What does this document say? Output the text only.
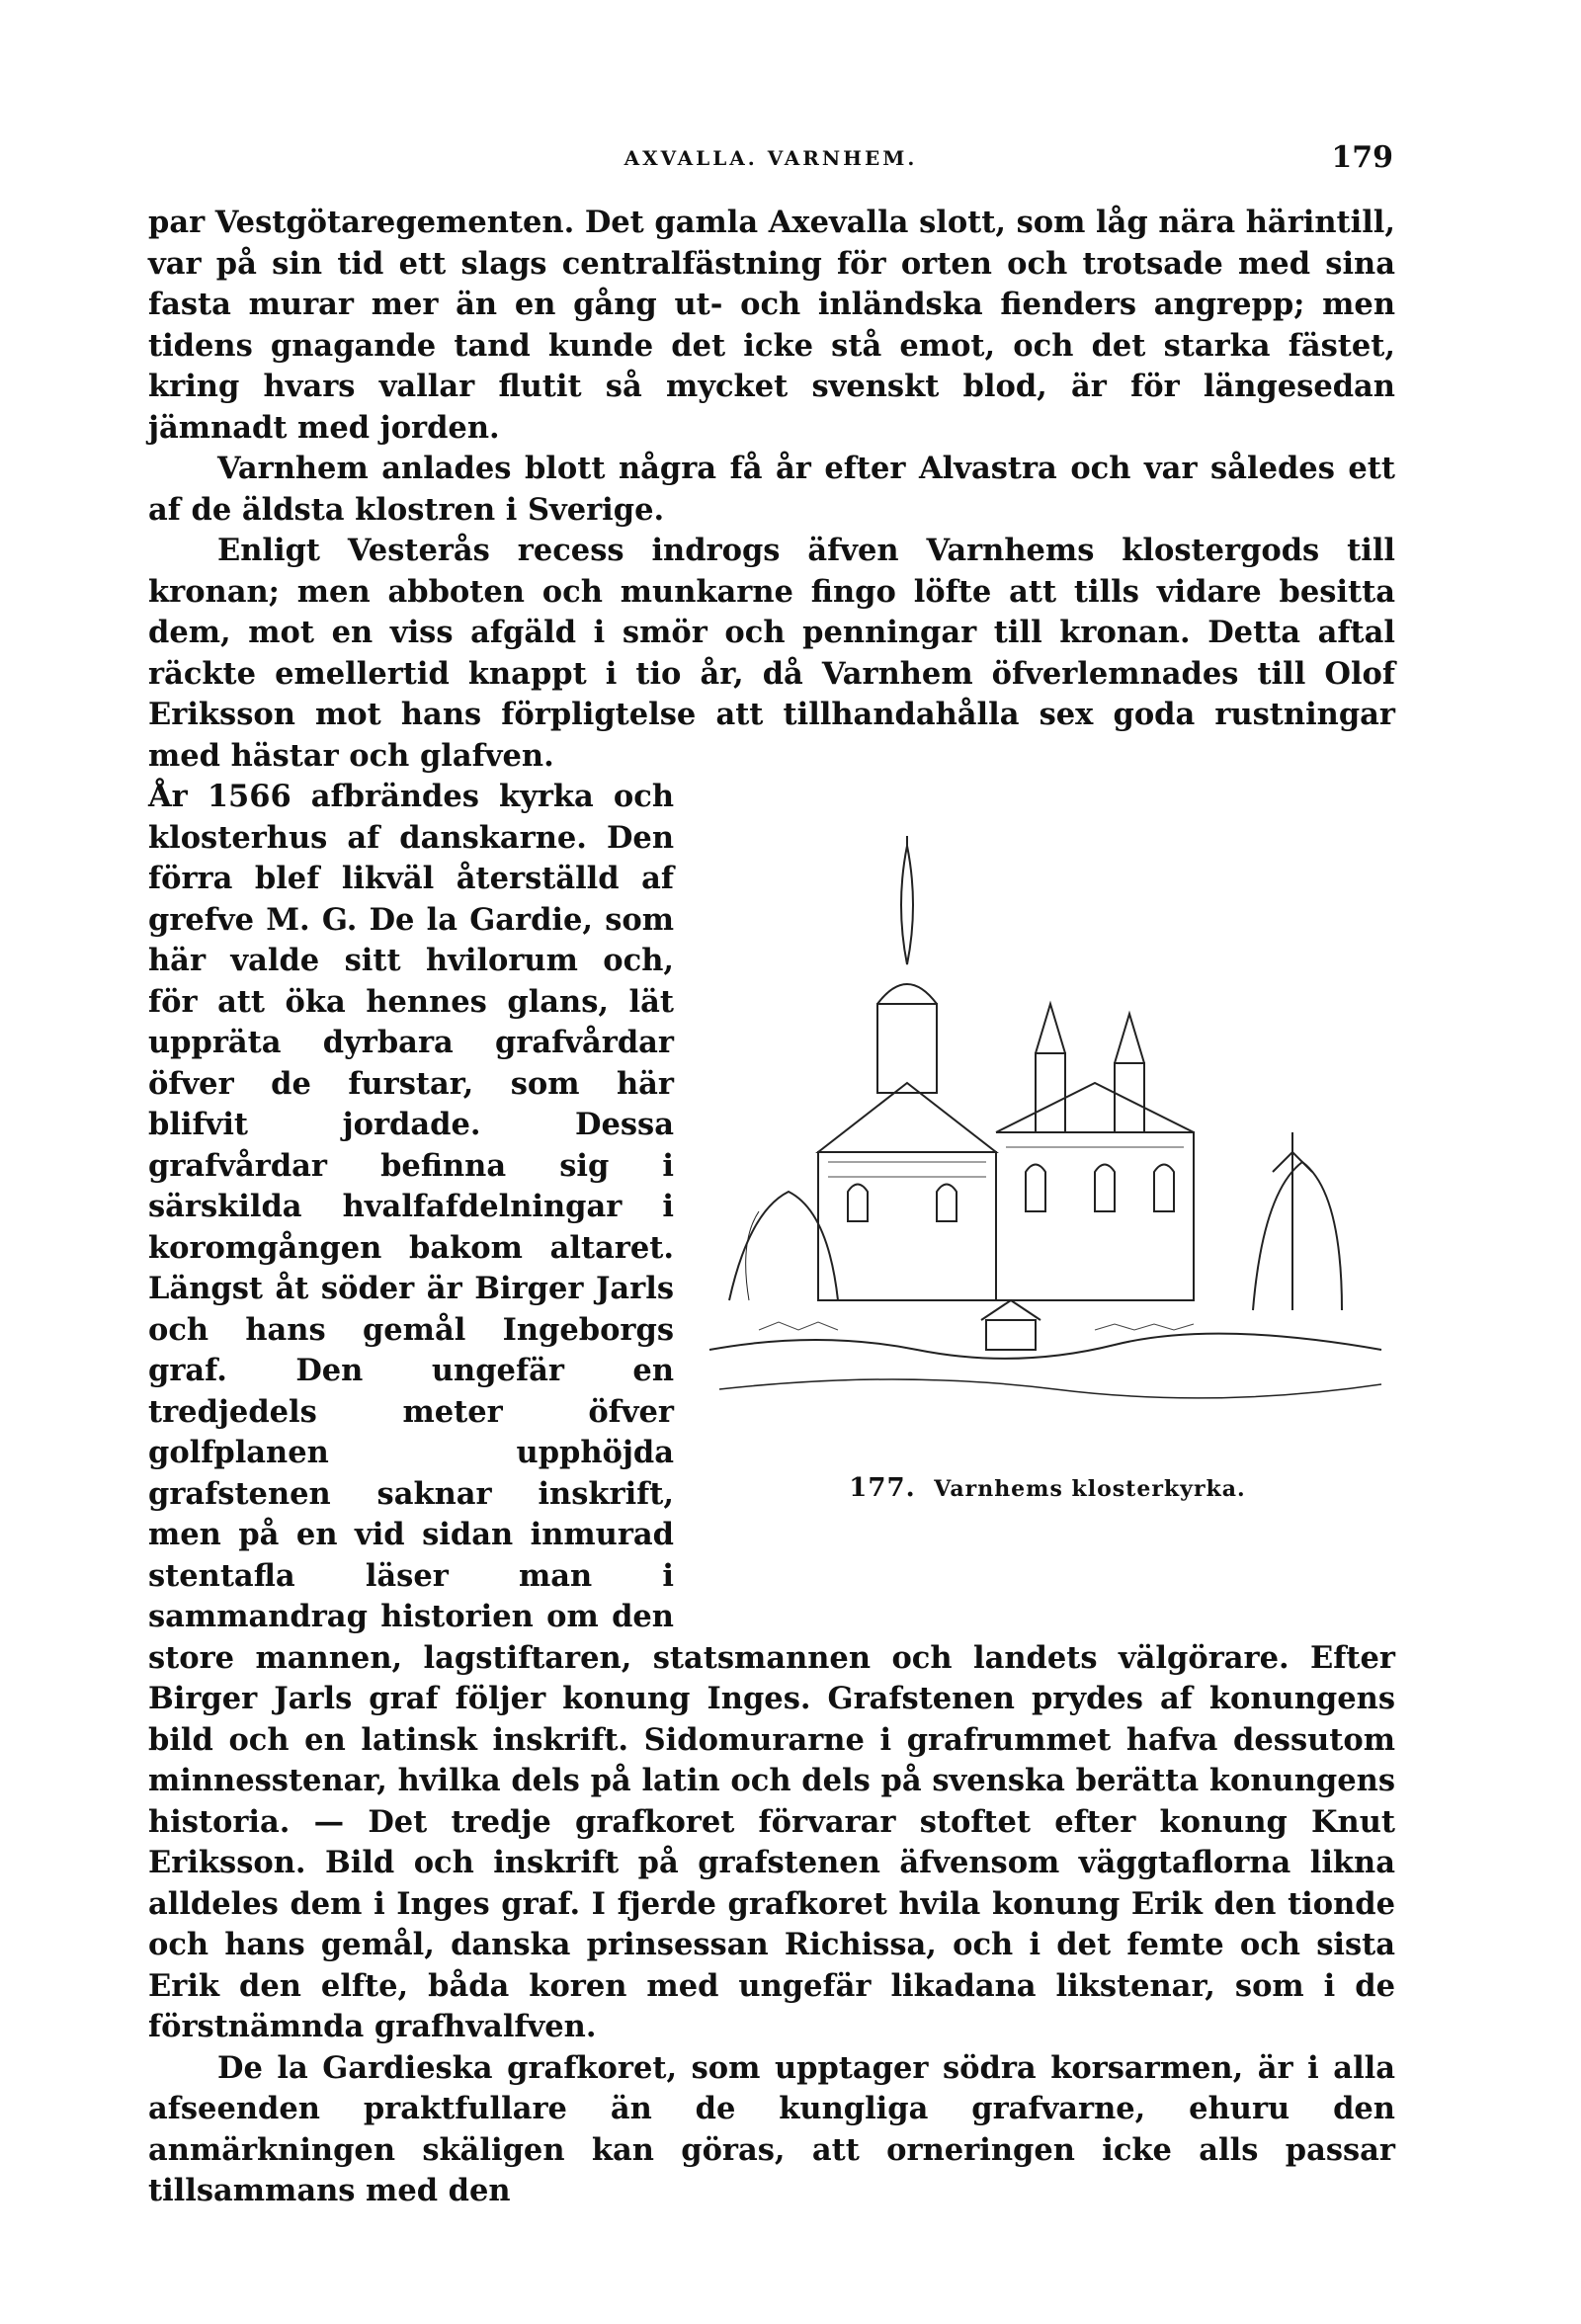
AXVALLA. VARNHEM.	179

par Vestgötaregementen. Det gamla Axevalla slott, som låg nära härintill, var på sin tid ett slags centralfästning för orten och trotsade med sina fasta murar mer än en gång ut- och inländska fienders angrepp; men tidens gnagande tand kunde det icke stå emot, och det starka fästet, kring hvars vallar flutit så mycket svenskt blod, är för längesedan jämnadt med jorden.

Varnhem anlades blott några få år efter Alvastra och var således ett af de äldsta klostren i Sverige.

Enligt Vesterås recess indrogs äfven Varnhems klostergods till kronan; men abboten och munkarne fingo löfte att tills vidare besitta dem, mot en viss afgäld i smör och penningar till kronan. Detta aftal räckte emellertid knappt i tio år, då Varnhem öfverlemnades till Olof Eriksson mot hans förpligtelse att tillhandahålla sex goda rustningar med hästar och glafven.

177. Varnhems klosterkyrka.

År 1566 afbrändes kyrka och klosterhus af danskarne. Den förra blef likväl återställd af grefve M. G. De la Gardie, som här valde sitt hvilorum och, för att öka hennes glans, lät uppräta dyrbara grafvårdar öfver de furstar, som här blifvit jordade. Dessa grafvårdar befinna sig i särskilda hvalfafdelningar i koromgången bakom altaret. Längst åt söder är Birger Jarls och hans gemål Ingeborgs graf. Den ungefär en tredjedels meter öfver golfplanen upphöjda grafstenen saknar inskrift, men på en vid sidan inmurad stentafla läser man i sammandrag historien om den store mannen, lagstiftaren, statsmannen och landets välgörare. Efter Birger Jarls graf följer konung Inges. Grafstenen prydes af konungens bild och en latinsk inskrift. Sidomurarne i grafrummet hafva dessutom minnesstenar, hvilka dels på latin och dels på svenska berätta konungens historia. — Det tredje grafkoret förvarar stoftet efter konung Knut Eriksson. Bild och inskrift på grafstenen äfvensom väggtaflorna likna alldeles dem i Inges graf. I fjerde grafkoret hvila konung Erik den tionde och hans gemål, danska prinsessan Richissa, och i det femte och sista Erik den elfte, båda koren med ungefär likadana likstenar, som i de förstnämnda grafhvalfven.

De la Gardieska grafkoret, som upptager södra korsarmen, är i alla afseenden praktfullare än de kungliga grafvarne, ehuru den anmärkningen skäligen kan göras, att orneringen icke alls passar tillsammans med den
